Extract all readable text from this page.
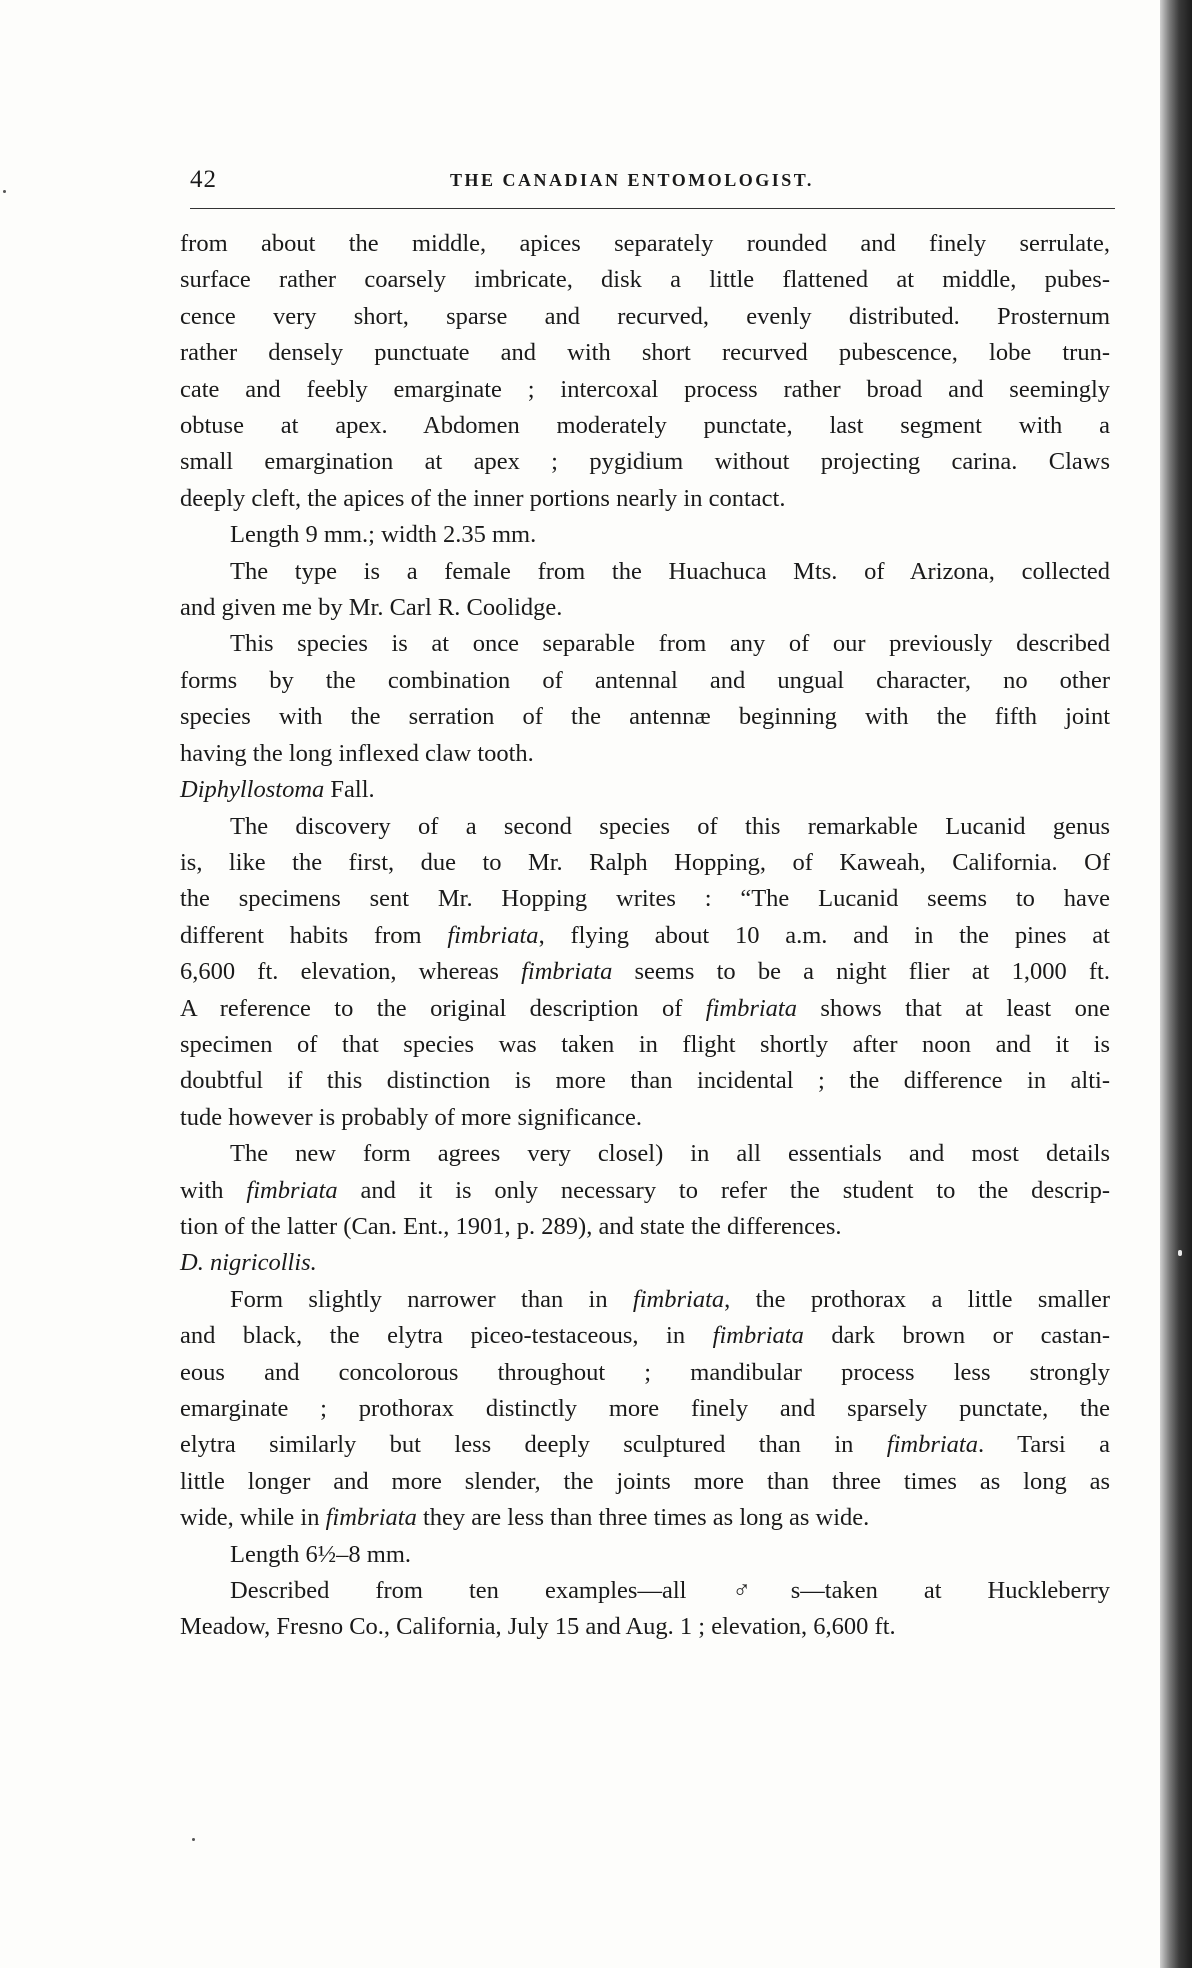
42	THE CANADIAN ENTOMOLOGIST.
from about the middle, apices separately rounded and finely serrulate,
surface rather coarsely imbricate, disk a little flattened at middle, pubes-
cence very short, sparse and recurved, evenly distributed. Prosternum
rather densely punctuate and with short recurved pubescence, lobe trun-
cate and feebly emarginate ; intercoxal process rather broad and seemingly
obtuse at apex. Abdomen moderately punctate, last segment with a
small emargination at apex ; pygidium without projecting carina. Claws
deeply cleft, the apices of the inner portions nearly in contact.
Length 9 mm.; width 2.35 mm.
The type is a female from the Huachuca Mts. of Arizona, collected
and given me by Mr. Carl R. Coolidge.
This species is at once separable from any of our previously described
forms by the combination of antennal and ungual character, no other
species with the serration of the antennæ beginning with the fifth joint
having the long inflexed claw tooth.
Diphyllostoma Fall.
The discovery of a second species of this remarkable Lucanid genus
is, like the first, due to Mr. Ralph Hopping, of Kaweah, California. Of
the specimens sent Mr. Hopping writes : “The Lucanid seems to have
different habits from fimbriata, flying about 10 a.m. and in the pines at
6,600 ft. elevation, whereas fimbriata seems to be a night flier at 1,000 ft.
A reference to the original description of fimbriata shows that at least one
specimen of that species was taken in flight shortly after noon and it is
doubtful if this distinction is more than incidental ; the difference in alti-
tude however is probably of more significance.
The new form agrees very closel) in all essentials and most details
with fimbriata and it is only necessary to refer the student to the descrip-
tion of the latter (Can. Ent., 1901, p. 289), and state the differences.
D. nigricollis.
Form slightly narrower than in fimbriata, the prothorax a little smaller
and black, the elytra piceo-testaceous, in fimbriata dark brown or castan-
eous and concolorous throughout ; mandibular process less strongly
emarginate ; prothorax distinctly more finely and sparsely punctate, the
elytra similarly but less deeply sculptured than in fimbriata. Tarsi a
little longer and more slender, the joints more than three times as long as
wide, while in fimbriata they are less than three times as long as wide.
Length 6½–8 mm.
Described from ten examples—all ♂s—taken at Huckleberry
Meadow, Fresno Co., California, July 15 and Aug. 1 ; elevation, 6,600 ft.
